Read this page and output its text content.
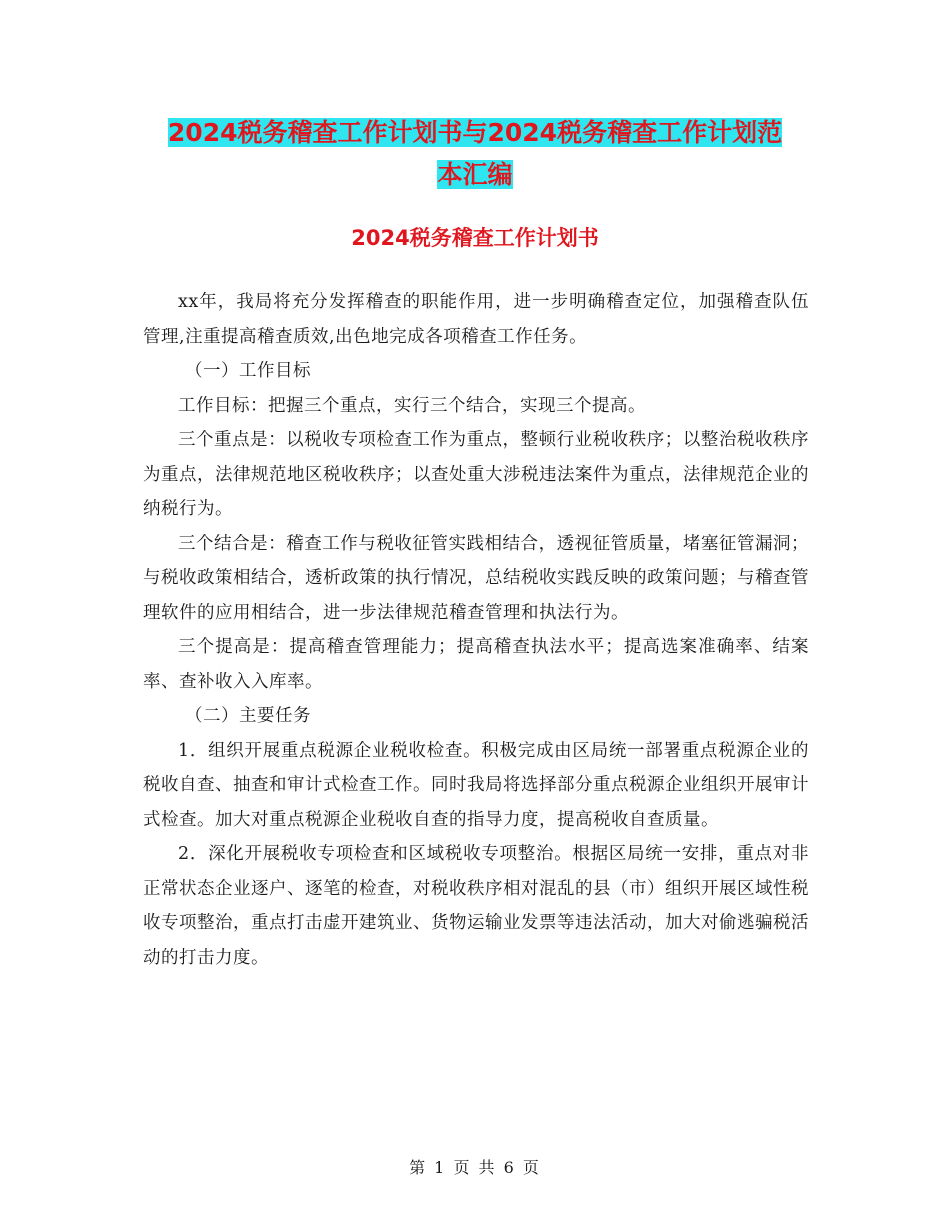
2024税务稽查工作计划书与2024税务稽查工作计划范
本汇编
2024税务稽查工作计划书

xx年，我局将充分发挥稽查的职能作用，进一步明确稽查定位，加强稽查队伍管理,注重提高稽查质效,出色地完成各项稽查工作任务。

（一）工作目标

工作目标：把握三个重点，实行三个结合，实现三个提高。

三个重点是：以税收专项检查工作为重点，整顿行业税收秩序；以整治税收秩序为重点，法律规范地区税收秩序；以查处重大涉税违法案件为重点，法律规范企业的纳税行为。

三个结合是：稽查工作与税收征管实践相结合，透视征管质量，堵塞征管漏洞；与税收政策相结合，透析政策的执行情况，总结税收实践反映的政策问题；与稽查管理软件的应用相结合，进一步法律规范稽查管理和执法行为。

三个提高是：提高稽查管理能力；提高稽查执法水平；提高选案准确率、结案率、查补收入入库率。

（二）主要任务

1．组织开展重点税源企业税收检查。积极完成由区局统一部署重点税源企业的税收自查、抽查和审计式检查工作。同时我局将选择部分重点税源企业组织开展审计式检查。加大对重点税源企业税收自查的指导力度，提高税收自查质量。

2．深化开展税收专项检查和区域税收专项整治。根据区局统一安排，重点对非正常状态企业逐户、逐笔的检查，对税收秩序相对混乱的县（市）组织开展区域性税收专项整治，重点打击虚开建筑业、货物运输业发票等违法活动，加大对偷逃骗税活动的打击力度。

第 1 页 共 6 页
